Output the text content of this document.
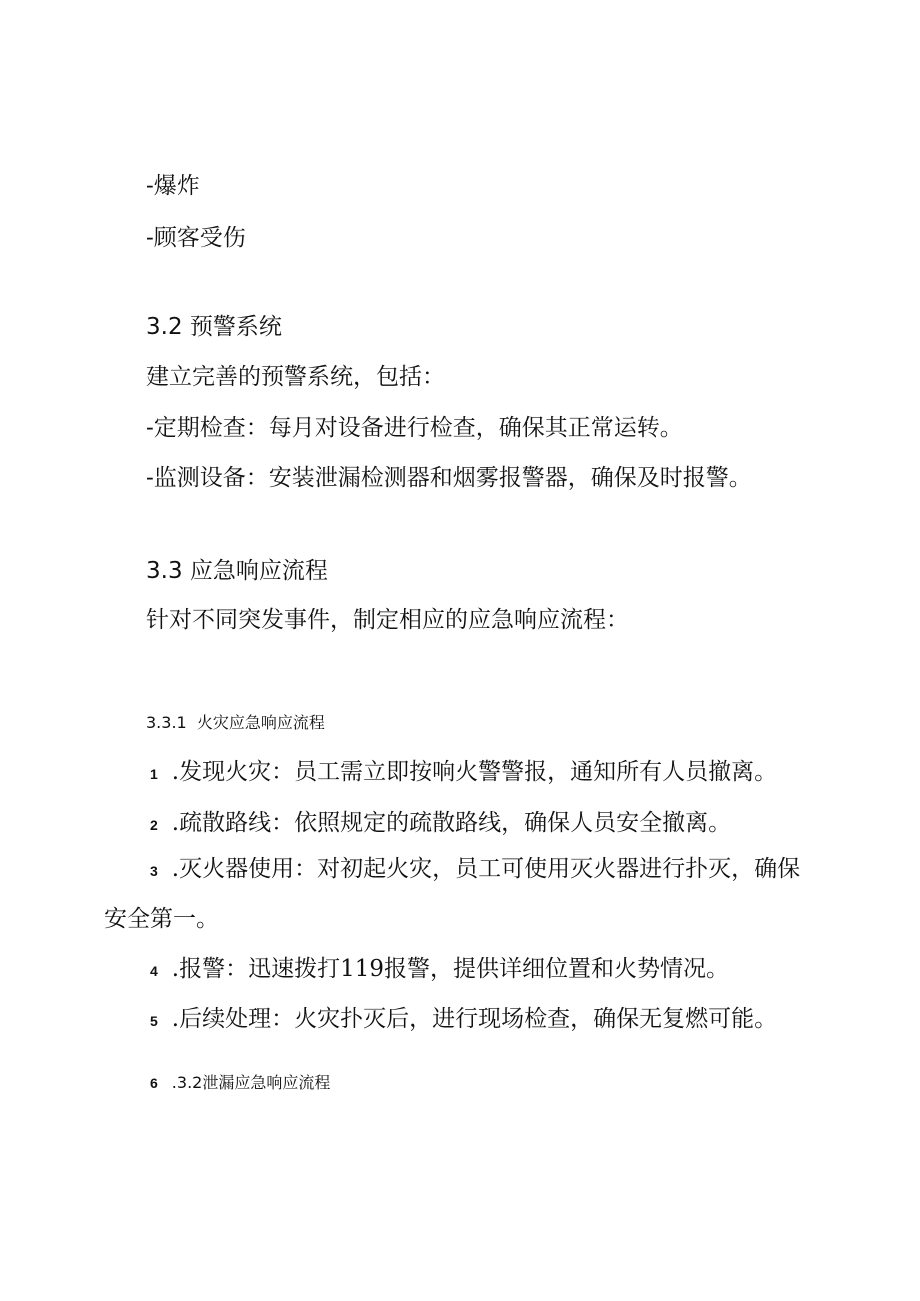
-爆炸
-顾客受伤
3.2 预警系统
建立完善的预警系统，包括：
-定期检查：每月对设备进行检查，确保其正常运转。
-监测设备：安装泄漏检测器和烟雾报警器，确保及时报警。
3.3 应急响应流程
针对不同突发事件，制定相应的应急响应流程：
3.3.1  火灾应急响应流程
1 .发现火灾：员工需立即按响火警警报，通知所有人员撤离。
2 .疏散路线：依照规定的疏散路线，确保人员安全撤离。
3 .灭火器使用：对初起火灾，员工可使用灭火器进行扑灭，确保
安全第一。
4 .报警：迅速拨打119报警，提供详细位置和火势情况。
5 .后续处理：火灾扑灭后，进行现场检查，确保无复燃可能。
6 .3.2泄漏应急响应流程
